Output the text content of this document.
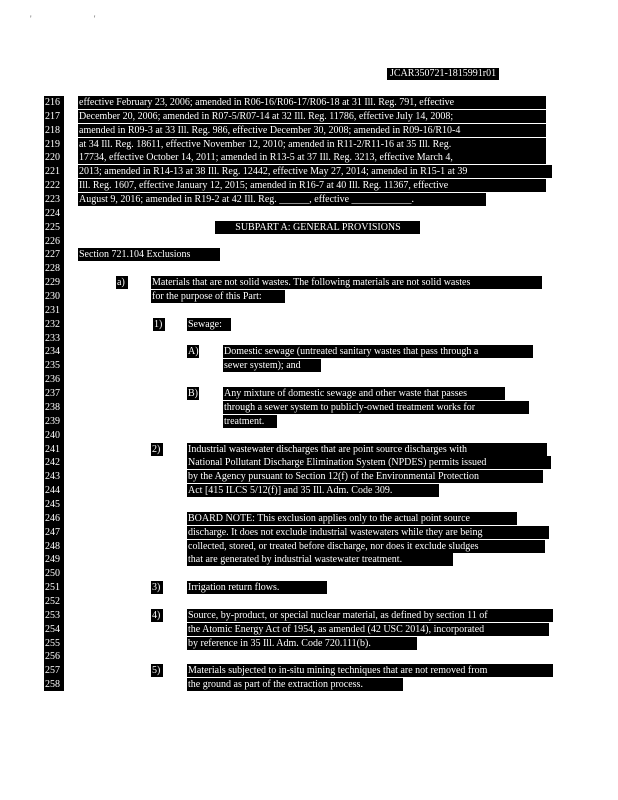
' '
JCAR350721-1815991r01
216
217
218
219
220
221
222
223
224
225
226
227
228
229
230
231
232
233
234
235
236
237
238
239
240
241
242
243
244
245
246
247
248
249
250
251
252
253
254
255
256
257
258
effective February 23, 2006; amended in R06-16/R06-17/R06-18 at 31 Ill. Reg. 791, effective
December 20, 2006; amended in R07-5/R07-14 at 32 Ill. Reg. 11786, effective July 14, 2008;
amended in R09-3 at 33 Ill. Reg. 986, effective December 30, 2008; amended in R09-16/R10-4
at 34 Ill. Reg. 18611, effective November 12, 2010; amended in R11-2/R11-16 at 35 Ill. Reg.
17734, effective October 14, 2011; amended in R13-5 at 37 Ill. Reg. 3213, effective March 4,
2013; amended in R14-13 at 38 Ill. Reg. 12442, effective May 27, 2014; amended in R15-1 at 39
Ill. Reg. 1607, effective January 12, 2015; amended in R16-7 at 40 Ill. Reg. 11367, effective
August 9, 2016; amended in R19-2 at 42 Ill. Reg. ______, effective ____________.
SUBPART A: GENERAL PROVISIONS
Section 721.104 Exclusions
a)	Materials that are not solid wastes. The following materials are not solid wastes
for the purpose of this Part:
1)	Sewage:
A)	Domestic sewage (untreated sanitary wastes that pass through a
sewer system); and
B)	Any mixture of domestic sewage and other waste that passes
through a sewer system to publicly-owned treatment works for
treatment.
2)	Industrial wastewater discharges that are point source discharges with
National Pollutant Discharge Elimination System (NPDES) permits issued
by the Agency pursuant to Section 12(f) of the Environmental Protection
Act [415 ILCS 5/12(f)] and 35 Ill. Adm. Code 309.
BOARD NOTE: This exclusion applies only to the actual point source
discharge. It does not exclude industrial wastewaters while they are being
collected, stored, or treated before discharge, nor does it exclude sludges
that are generated by industrial wastewater treatment.
3)	Irrigation return flows.
4)	Source, by-product, or special nuclear material, as defined by section 11 of
the Atomic Energy Act of 1954, as amended (42 USC 2014), incorporated
by reference in 35 Ill. Adm. Code 720.111(b).
5)	Materials subjected to in-situ mining techniques that are not removed from
the ground as part of the extraction process.
